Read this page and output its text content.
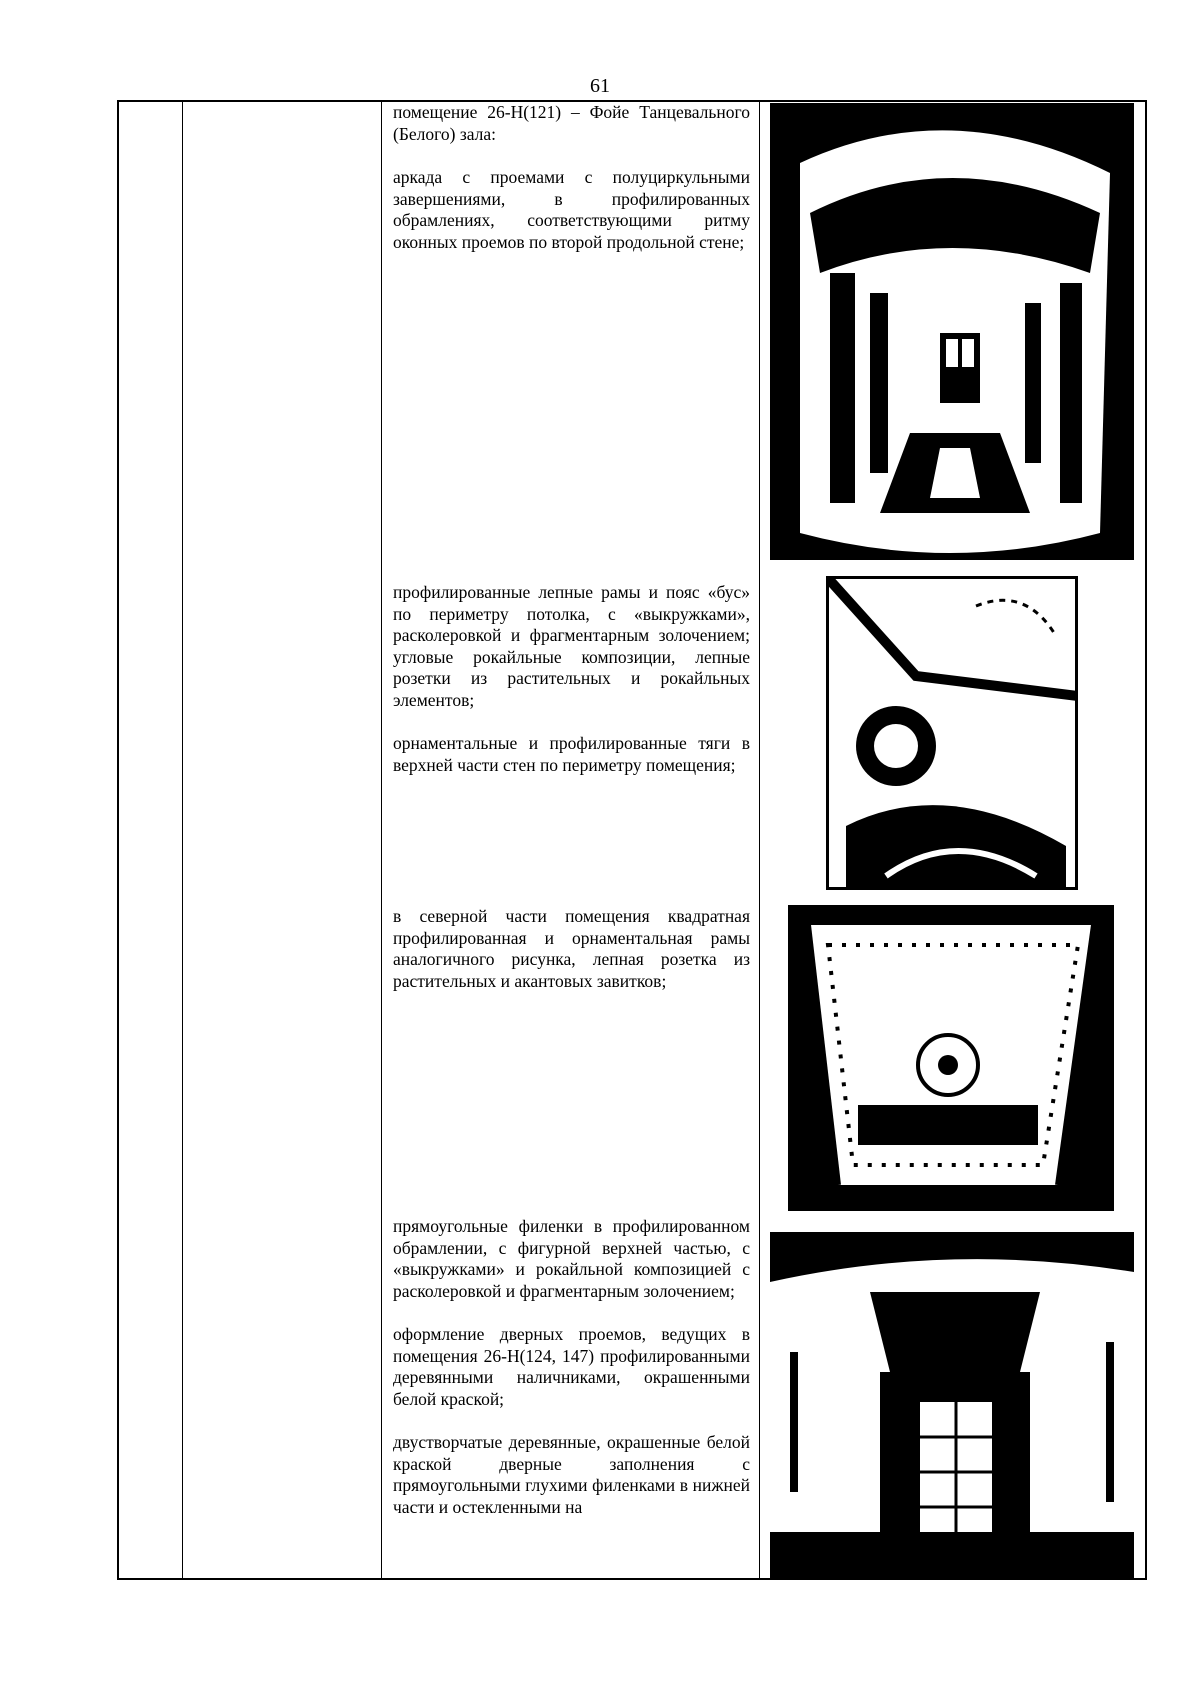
61

помещение 26-Н(121) – Фойе Танцевального (Белого) зала:

аркада с проемами с полуциркульными завершениями, в профилированных обрамлениях, соответствующими ритму оконных проемов по второй продольной стене;

профилированные лепные рамы и пояс «бус» по периметру потолка, с «выкружками», расколеровкой и фрагментарным золочением; угловые рокайльные композиции, лепные розетки из растительных и рокайльных элементов;

орнаментальные и профилированные тяги в верхней части стен по периметру помещения;

в северной части помещения квадратная профилированная и орнаментальная рамы аналогичного рисунка, лепная розетка из растительных и акантовых завитков;

прямоугольные филенки в профилированном обрамлении, с фигурной верхней частью, с «выкружками» и рокайльной композицией с расколеровкой и фрагментарным золочением;

оформление дверных проемов, ведущих в помещения 26-Н(124, 147) профилированными деревянными наличниками, окрашенными белой краской;

двустворчатые деревянные, окрашенные белой краской дверные заполнения с прямоугольными глухими филенками в нижней части и остекленными на
